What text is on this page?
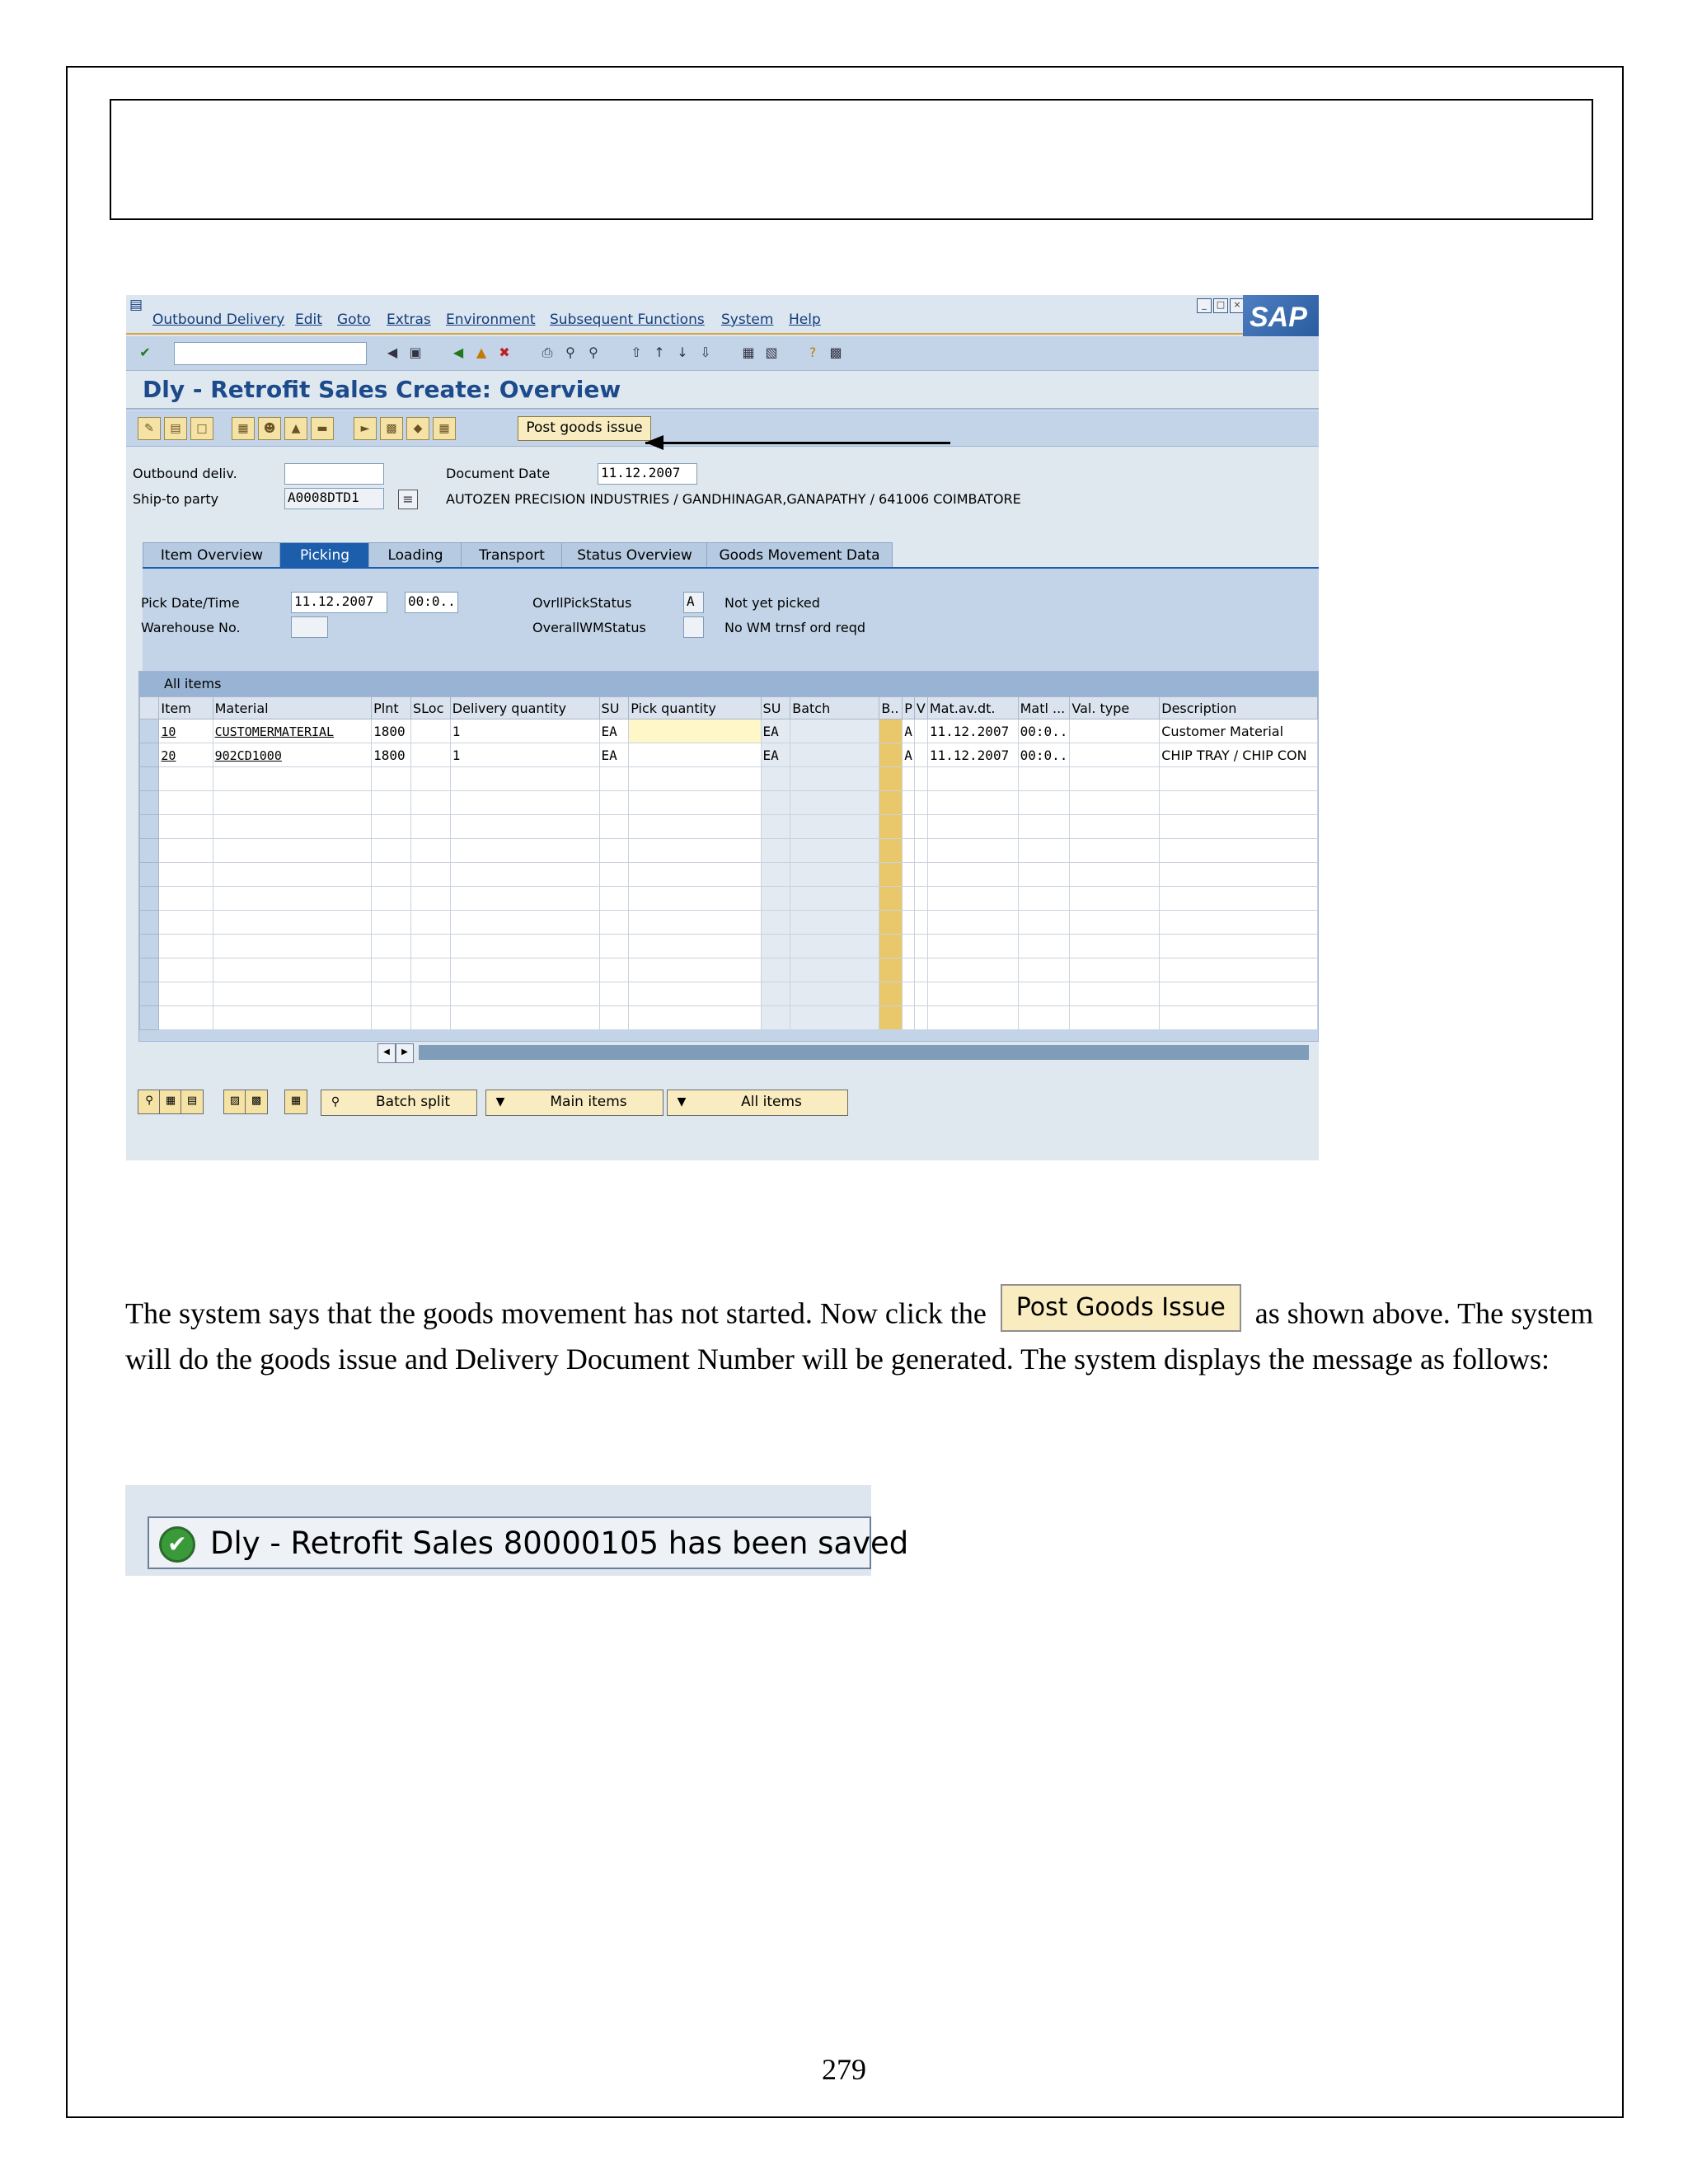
▤
Outbound Delivery Edit Goto Extras Environment Subsequent Functions System Help
_	□ × SAP
✔	◀ ▣	◀ ▲ ✖ ⎙ ⚲	⚲	⇧ ↑ ↓ ⇩ ▦ ▧	?	▩
Dly - Retrofit Sales Create: Overview
✎	▤	□	▦	☻	▲	▬	►	▩	◆	▦	Post goods issue
Outbound deliv.	Document Date	11.12.2007
Ship-to party	A0008DTD1	≡	AUTOZEN PRECISION INDUSTRIES / GANDHINAGAR,GANAPATHY / 641006 COIMBATORE
Item Overview	Picking	Loading	Transport	Status Overview	Goods Movement Data
Pick Date/Time	11.12.2007	00:0..
Warehouse No.
OvrllPickStatus	A	Not yet picked
OverallWMStatus	No WM trnsf ord reqd
All items
	Item	Material	Plnt	SLoc	Delivery quantity	SU	Pick quantity	SU	Batch	B..	P	V	Mat.av.dt.	Matl ...	Val. type	Description
	10	CUSTOMERMATERIAL	1800		1	EA		EA			A		11.12.2007	00:0..		Customer Material
	20	902CD1000	1800		1	EA		EA			A		11.12.2007	00:0..		CHIP TRAY / CHIP CON

◀	▶
⚲	▦	▤	▨	▩	▦	⚲	Batch split	▼	Main items	▼	All items
The system says that the goods movement has not started. Now click the Post Goods Issue as shown above. The system will do the goods issue and Delivery Document Number will be generated. The system displays the message as follows:
✔ Dly - Retrofit Sales 80000105 has been saved
279
